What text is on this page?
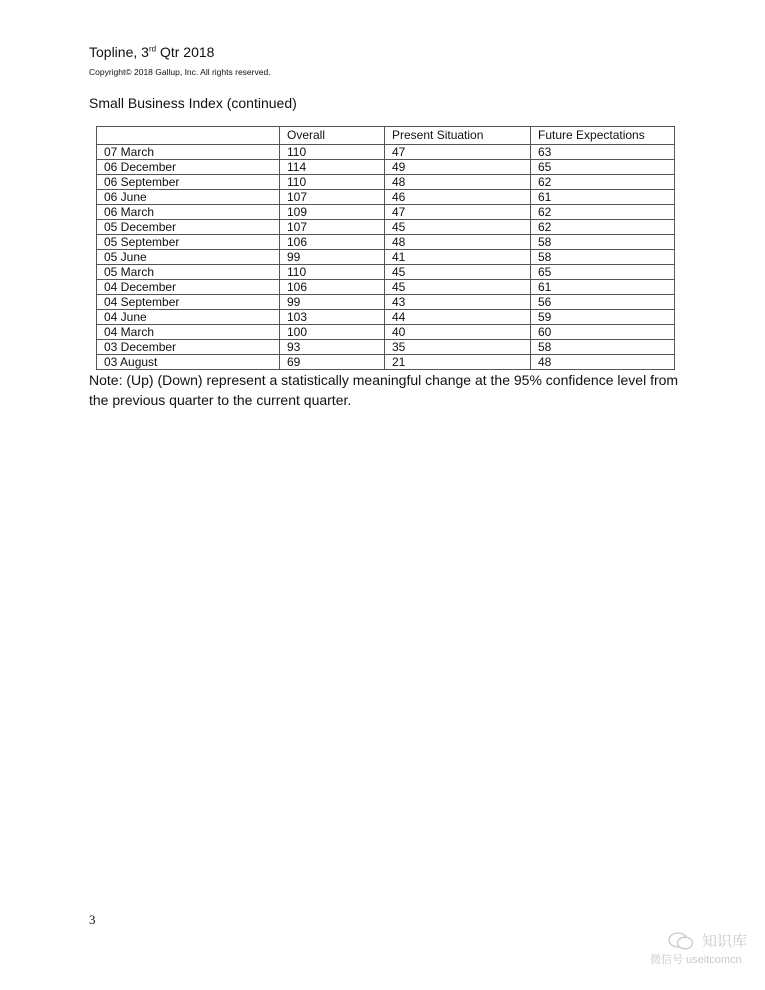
Topline, 3rd Qtr 2018
Copyright© 2018 Gallup, Inc. All rights reserved.
Small Business Index (continued)
	Overall	Present Situation	Future Expectations
07 March	110	47	63
06 December	114	49	65
06 September	110	48	62
06 June	107	46	61
06 March	109	47	62
05 December	107	45	62
05 September	106	48	58
05 June	99	41	58
05 March	110	45	65
04 December	106	45	61
04 September	99	43	56
04 June	103	44	59
04 March	100	40	60
03 December	93	35	58
03 August	69	21	48
Note: (Up) (Down) represent a statistically meaningful change at the 95% confidence level from the previous quarter to the current quarter.
3
知识库
微信号 useitcomcn
